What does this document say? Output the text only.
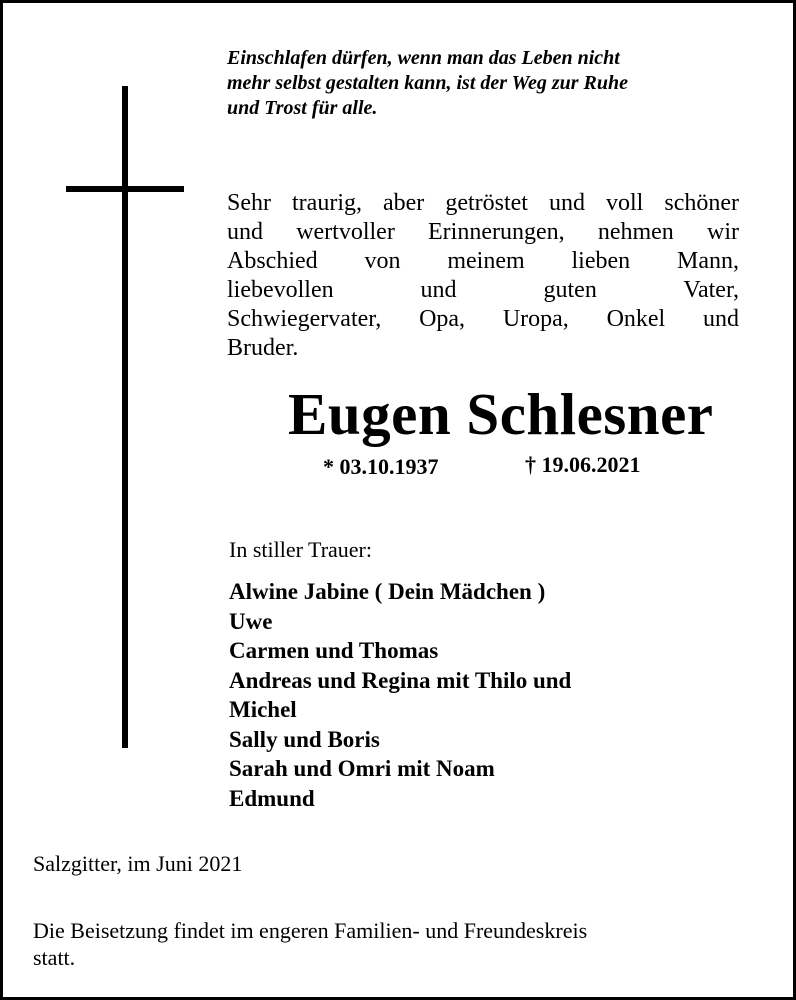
Einschlafen dürfen, wenn man das Leben nicht
mehr selbst gestalten kann, ist der Weg zur Ruhe
und Trost für alle.

Sehr traurig, aber getröstet und voll schöner
und wertvoller Erinnerungen, nehmen wir
Abschied von meinem lieben Mann,
liebevollen und guten Vater,
Schwiegervater, Opa, Uropa, Onkel und
Bruder.

Eugen Schlesner
* 03.10.1937	† 19.06.2021
In stiller Trauer:
Alwine Jabine ( Dein Mädchen )
Uwe
Carmen und Thomas
Andreas und Regina mit Thilo und
Michel
Sally und Boris
Sarah und Omri mit Noam
Edmund
Salzgitter, im Juni 2021

Die Beisetzung findet im engeren Familien- und Freundeskreis
statt.
